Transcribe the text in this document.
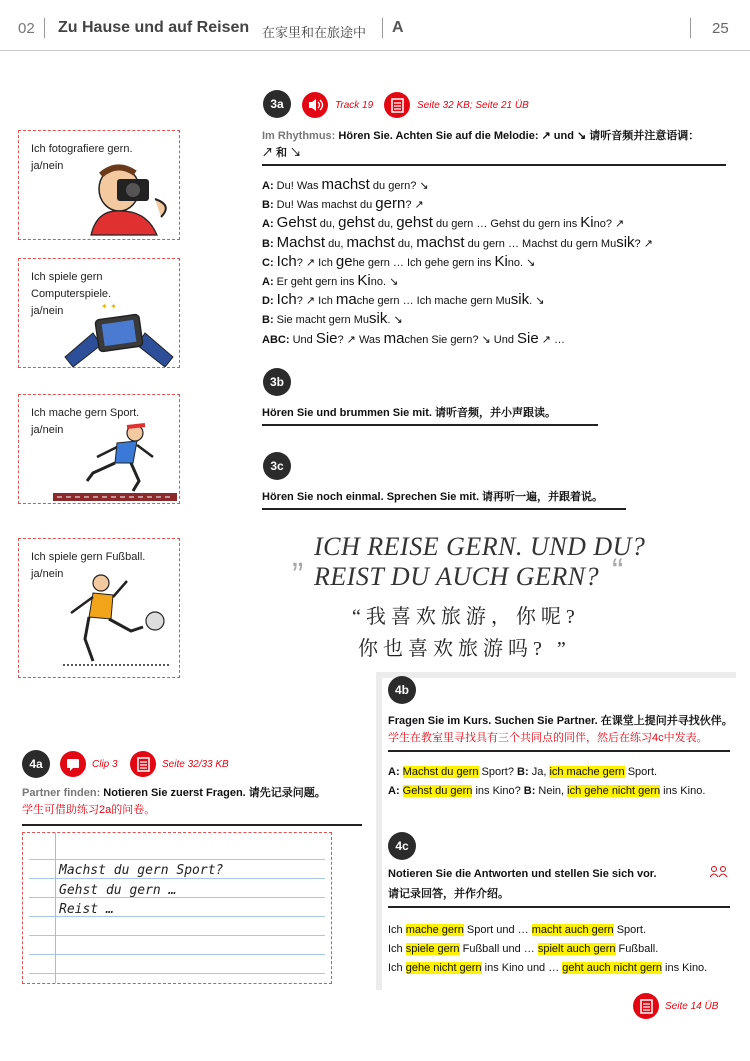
02 Zu Hause und auf Reisen 在家里和在旅途中 A	25
Ich fotografiere gern.
ja/nein
Ich spiele gern
Computerspiele.
ja/nein	✦ ✦
Ich mache gern Sport.
ja/nein
Ich spiele gern Fußball.
ja/nein
3a	Track 19	Seite 32 KB; Seite 21 ÜB
Im Rhythmus: Hören Sie. Achten Sie auf die Melodie: ↗ und ↘ 请听音频并注意语调：
↗ 和 ↘
A: Du! Was machst du gern? ↘
B: Du! Was machst du gern? ↗
A: Gehst du, gehst du, gehst du gern … Gehst du gern ins Kino? ↗
B: Machst du, machst du, machst du gern … Machst du gern Musik? ↗
C: Ich? ↗ Ich gehe gern … Ich gehe gern ins Kino. ↘
A: Er geht gern ins Kino. ↘
D: Ich? ↗ Ich mache gern … Ich mache gern Musik. ↘
B: Sie macht gern Musik. ↘
ABC: Und Sie? ↗ Was machen Sie gern? ↘ Und Sie ↗ …
3b
Hören Sie und brummen Sie mit. 请听音频，并小声跟读。
3c
Hören Sie noch einmal. Sprechen Sie mit. 请再听一遍，并跟着说。
„ ICH REISE GERN. UND DU?
REIST DU AUCH GERN? “
“我喜欢旅游，你呢?
你也喜欢旅游吗? ”
4a	Clip 3	Seite 32/33 KB
Partner finden: Notieren Sie zuerst Fragen. 请先记录问题。
学生可借助练习2a的问卷。
Machst du gern Sport?
Gehst du gern …
Reist …
4b
Fragen Sie im Kurs. Suchen Sie Partner. 在课堂上提问并寻找伙伴。
学生在教室里寻找具有三个共同点的同伴，然后在练习4c中发表。
A: Machst du gern Sport? B: Ja, ich mache gern Sport.
A: Gehst du gern ins Kino? B: Nein, ich gehe nicht gern ins Kino.
4c
Notieren Sie die Antworten und stellen Sie sich vor.
请记录回答，并作介绍。
Ich mache gern Sport und … macht auch gern Sport.
Ich spiele gern Fußball und … spielt auch gern Fußball.
Ich gehe nicht gern ins Kino und … geht auch nicht gern ins Kino.
Seite 14 ÜB
